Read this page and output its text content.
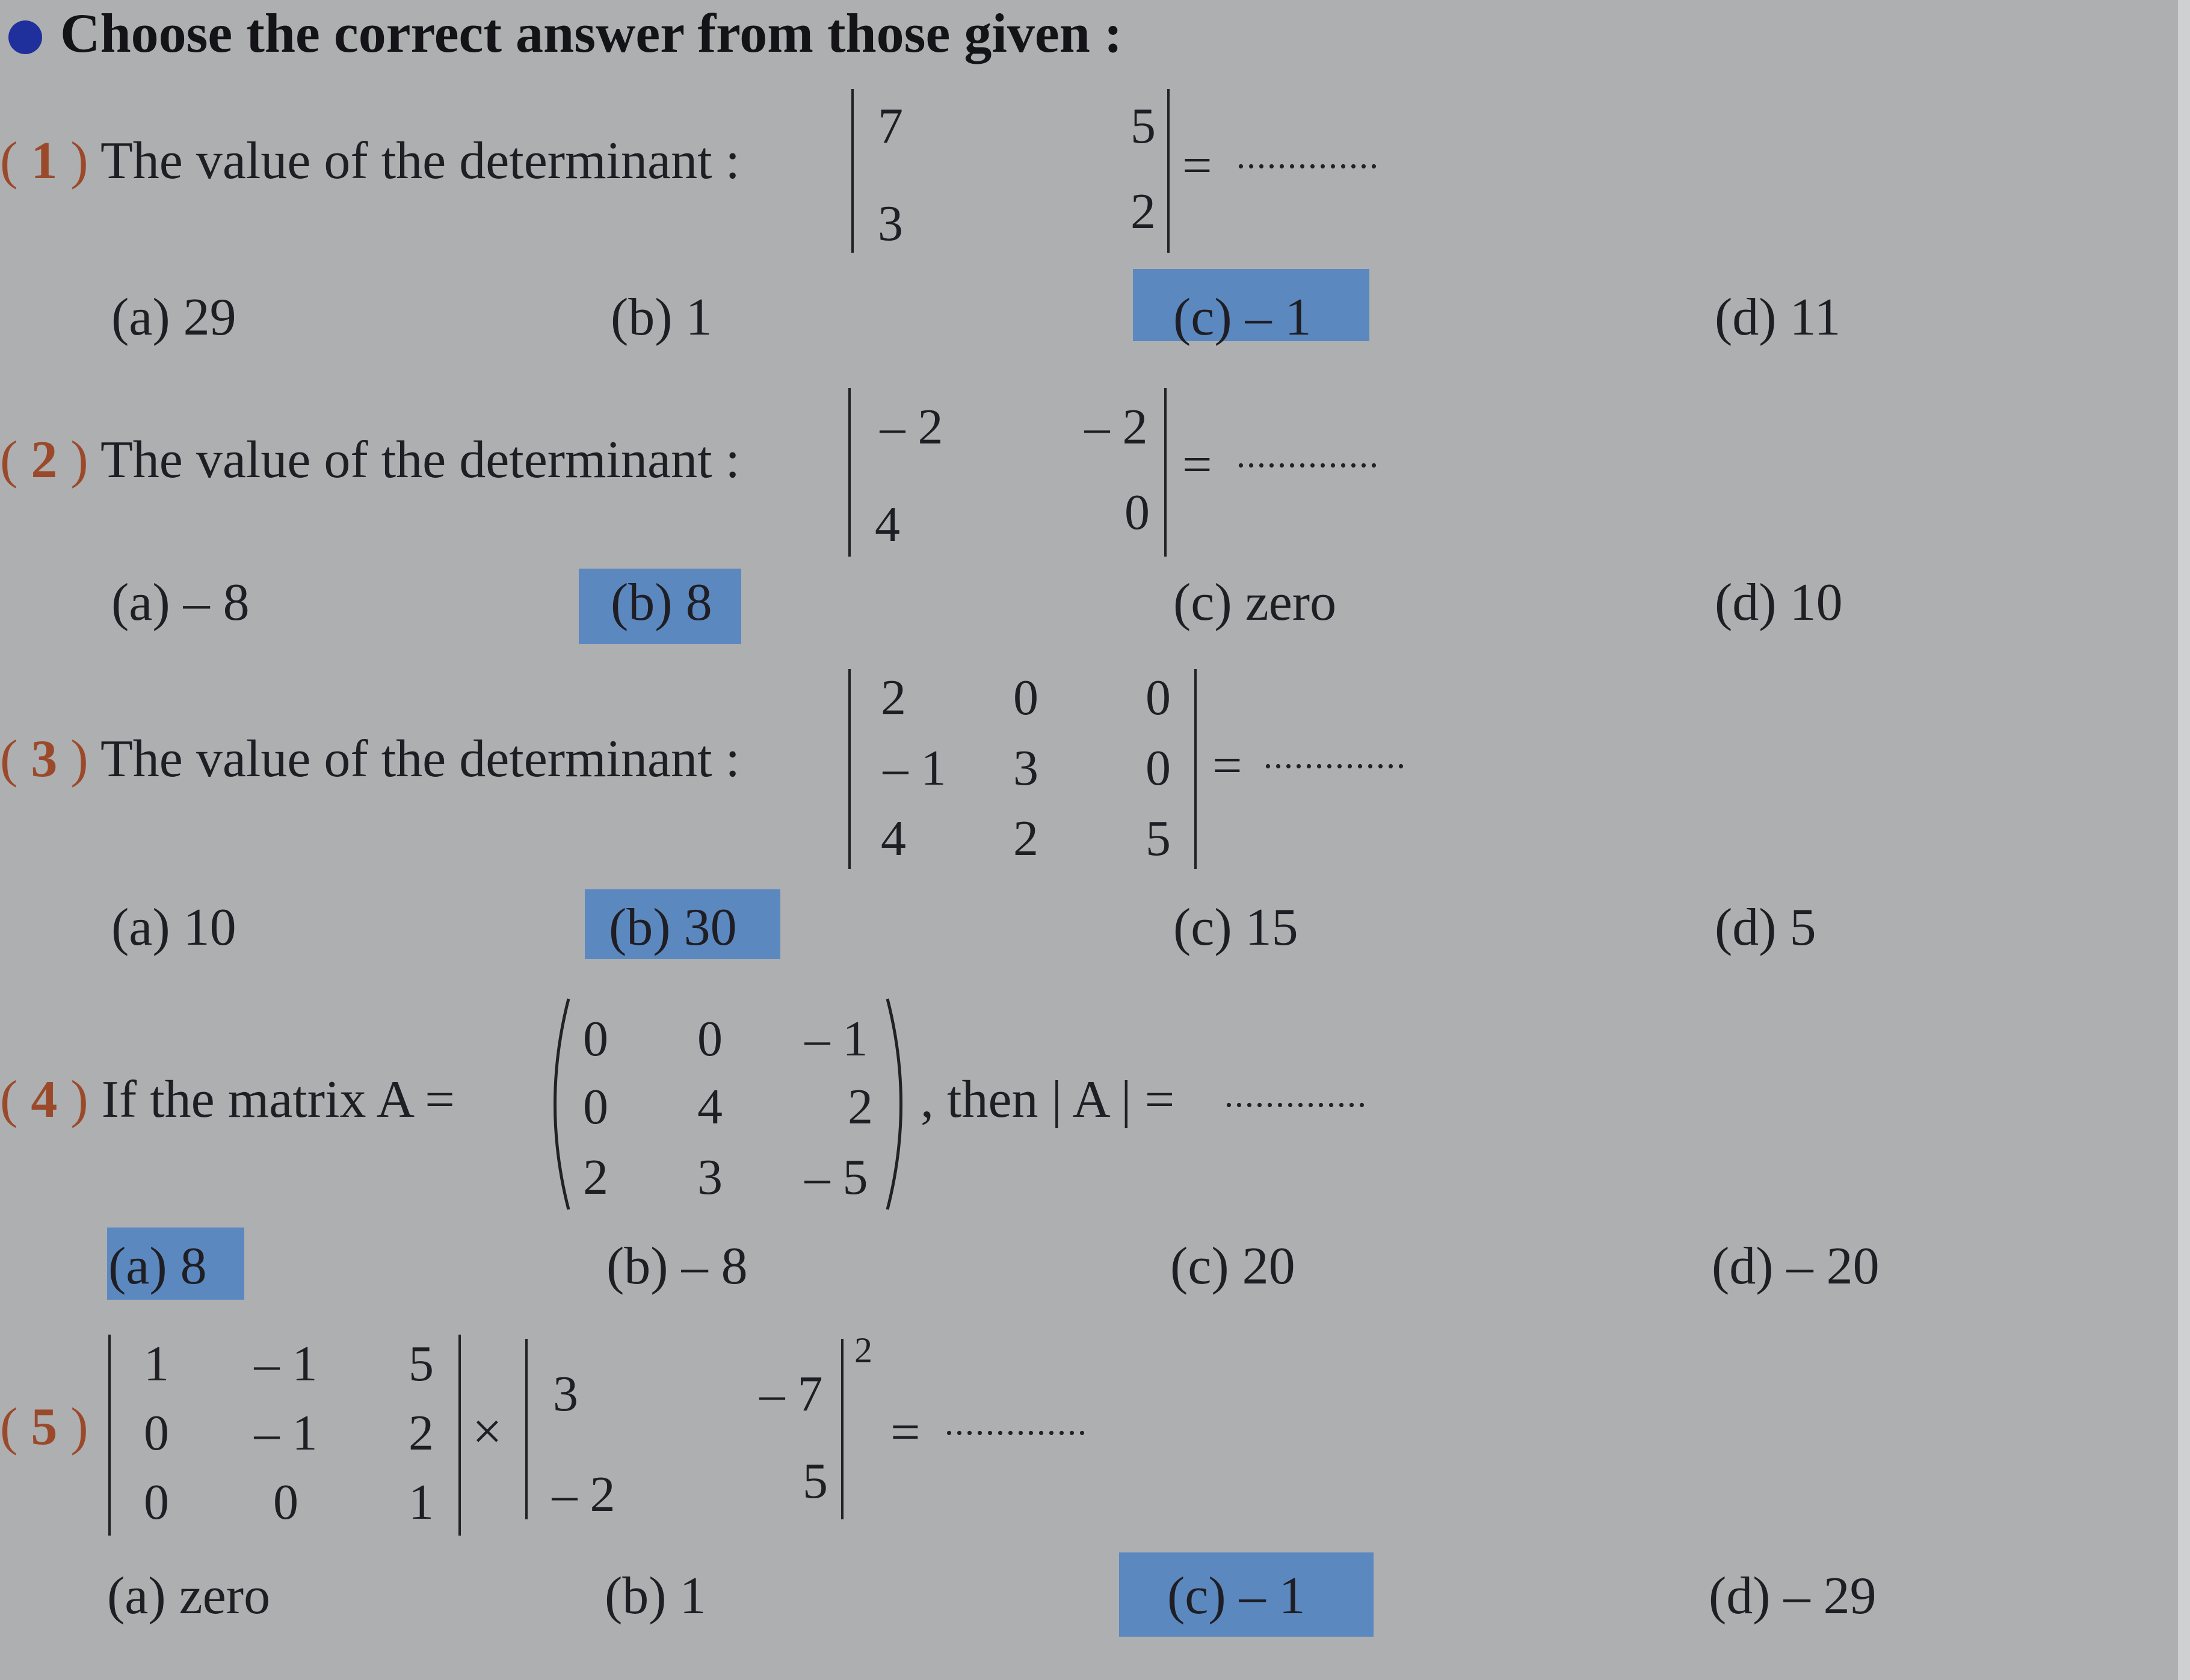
Choose the correct answer from those given :
( 1 ) The value of the determinant :
7	5
3	2
= ..............
(a) 29	(b) 1	(c) – 1	(d) 11
( 2 ) The value of the determinant :
– 2	– 2
4	0
= ..............
(a) – 8	(b) 8	(c) zero	(d) 10
( 3 ) The value of the determinant :
2	0	0
– 1	3	0
4	2	5
= ..............
(a) 10	(b) 30	(c) 15	(d) 5
( 4 ) If the matrix A =
0	0	– 1
0	4	2
2	3	– 5
, then | A | = ..............
(a) 8	(b) – 8	(c) 20	(d) – 20
( 5 )
1	– 1	5
0	– 1	2
0	0	1
×
3	– 7
– 2	5
2
= ..............
(a) zero	(b) 1	(c) – 1	(d) – 29
